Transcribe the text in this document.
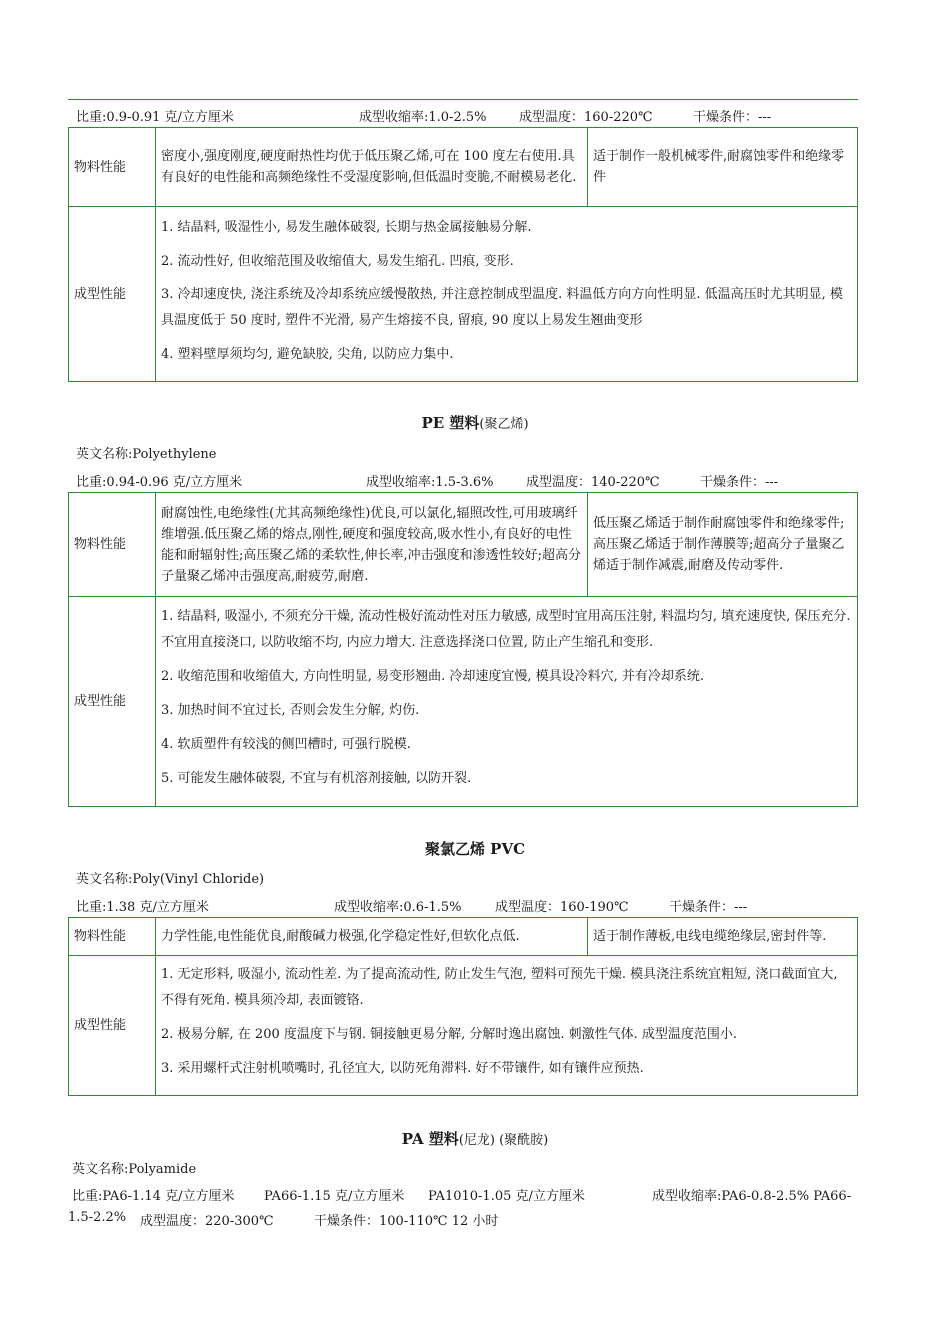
比重:0.9-0.91 克/立方厘米	成型收缩率:1.0-2.5%	成型温度：160-220℃	干燥条件：---
物料性能	密度小,强度刚度,硬度耐热性均优于低压聚乙烯,可在 100 度左右使用.具有良好的电性能和高频绝缘性不受湿度影响,但低温时变脆,不耐模易老化.	适于制作一般机械零件,耐腐蚀零件和绝缘零件
成型性能	1. 结晶料, 吸湿性小, 易发生融体破裂, 长期与热金属接触易分解.

2. 流动性好, 但收缩范围及收缩值大, 易发生缩孔. 凹痕, 变形.

3. 冷却速度快, 浇注系统及冷却系统应缓慢散热, 并注意控制成型温度. 料温低方向方向性明显. 低温高压时尤其明显, 模具温度低于 50 度时, 塑件不光滑, 易产生熔接不良, 留痕, 90 度以上易发生翘曲变形

4. 塑料壁厚须均匀, 避免缺胶, 尖角, 以防应力集中.	

PE 塑料(聚乙烯)
英文名称:Polyethylene
比重:0.94-0.96 克/立方厘米	成型收缩率:1.5-3.6%	成型温度：140-220℃	干燥条件：---
物料性能	耐腐蚀性,电绝缘性(尤其高频绝缘性)优良,可以氯化,辐照改性,可用玻璃纤维增强.低压聚乙烯的熔点,刚性,硬度和强度较高,吸水性小,有良好的电性能和耐辐射性;高压聚乙烯的柔软性,伸长率,冲击强度和渗透性较好;超高分子量聚乙烯冲击强度高,耐疲劳,耐磨.	低压聚乙烯适于制作耐腐蚀零件和绝缘零件;高压聚乙烯适于制作薄膜等;超高分子量聚乙烯适于制作减震,耐磨及传动零件.
成型性能	1. 结晶料, 吸湿小, 不须充分干燥, 流动性极好流动性对压力敏感, 成型时宜用高压注射, 料温均匀, 填充速度快, 保压充分. 不宜用直接浇口, 以防收缩不均, 内应力增大. 注意选择浇口位置, 防止产生缩孔和变形.

2. 收缩范围和收缩值大, 方向性明显, 易变形翘曲. 冷却速度宜慢, 模具设冷料穴, 并有冷却系统.

3. 加热时间不宜过长, 否则会发生分解, 灼伤.

4. 软质塑件有较浅的侧凹槽时, 可强行脱模.

5. 可能发生融体破裂, 不宜与有机溶剂接触, 以防开裂.	

聚氯乙烯 PVC
英文名称:Poly(Vinyl Chloride)
比重:1.38 克/立方厘米	成型收缩率:0.6-1.5%	成型温度：160-190℃	干燥条件：---
物料性能	力学性能,电性能优良,耐酸碱力极强,化学稳定性好,但软化点低.	适于制作薄板,电线电缆绝缘层,密封件等.
成型性能	1. 无定形料, 吸湿小, 流动性差. 为了提高流动性, 防止发生气泡, 塑料可预先干燥. 模具浇注系统宜粗短, 浇口截面宜大, 不得有死角. 模具须冷却, 表面镀铬.

2. 极易分解, 在 200 度温度下与钢. 铜接触更易分解, 分解时逸出腐蚀. 刺激性气体. 成型温度范围小.

3. 采用螺杆式注射机喷嘴时, 孔径宜大, 以防死角滞料. 好不带镶件, 如有镶件应预热.	

PA 塑料(尼龙) (聚酰胺)
英文名称:Polyamide
比重:PA6-1.14 克/立方厘米 PA66-1.15 克/立方厘米 PA1010-1.05 克/立方厘米	成型收缩率:PA6-0.8-2.5% PA66-
1.5-2.2% 成型温度：220-300℃	干燥条件：100-110℃ 12 小时
